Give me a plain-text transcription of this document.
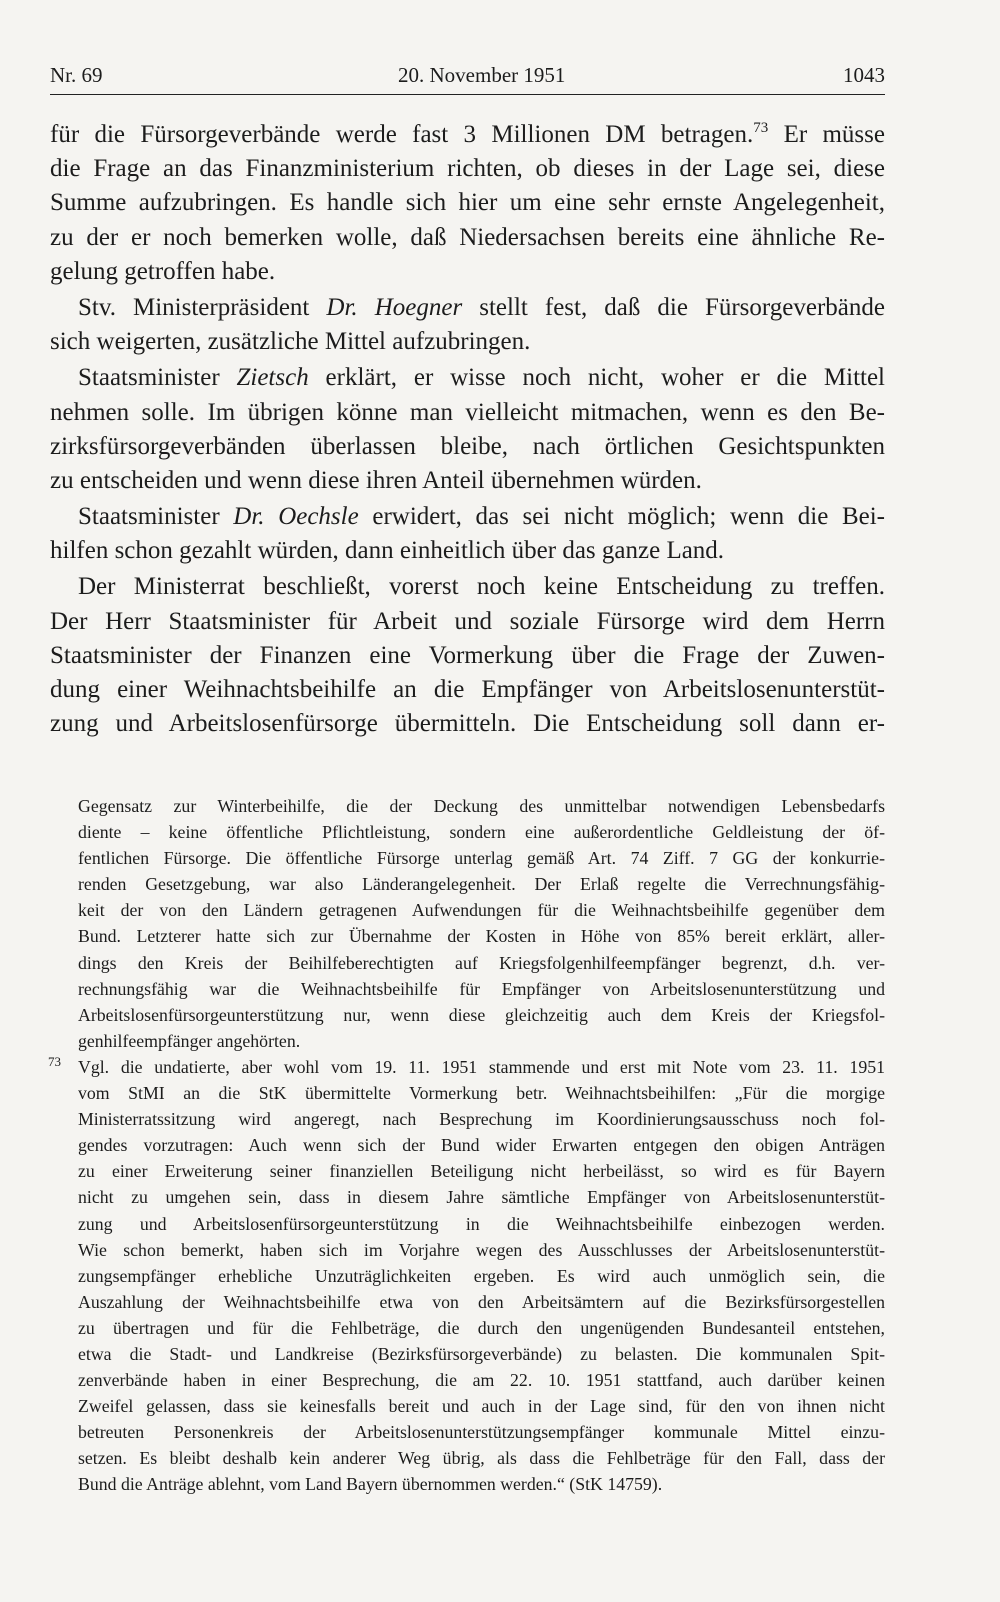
Nr. 69	20. November 1951	1043
für die Fürsorgeverbände werde fast 3 Millionen DM betragen.$^{73}$ Er müsse
die Frage an das Finanzministerium richten, ob dieses in der Lage sei, diese
Summe aufzubringen. Es handle sich hier um eine sehr ernste Angelegenheit,
zu der er noch bemerken wolle, daß Niedersachsen bereits eine ähnliche Re-
gelung getroffen habe.
Stv. Ministerpräsident Dr. Hoegner stellt fest, daß die Fürsorgeverbände
sich weigerten, zusätzliche Mittel aufzubringen.
Staatsminister Zietsch erklärt, er wisse noch nicht, woher er die Mittel
nehmen solle. Im übrigen könne man vielleicht mitmachen, wenn es den Be-
zirksfürsorgeverbänden überlassen bleibe, nach örtlichen Gesichtspunkten
zu entscheiden und wenn diese ihren Anteil übernehmen würden.
Staatsminister Dr. Oechsle erwidert, das sei nicht möglich; wenn die Bei-
hilfen schon gezahlt würden, dann einheitlich über das ganze Land.
Der Ministerrat beschließt, vorerst noch keine Entscheidung zu treffen.
Der Herr Staatsminister für Arbeit und soziale Fürsorge wird dem Herrn
Staatsminister der Finanzen eine Vormerkung über die Frage der Zuwen-
dung einer Weihnachtsbeihilfe an die Empfänger von Arbeitslosenunterstüt-
zung und Arbeitslosenfürsorge übermitteln. Die Entscheidung soll dann er-
Gegensatz zur Winterbeihilfe, die der Deckung des unmittelbar notwendigen Lebensbedarfs
diente – keine öffentliche Pflichtleistung, sondern eine außerordentliche Geldleistung der öf-
fentlichen Fürsorge. Die öffentliche Fürsorge unterlag gemäß Art. 74 Ziff. 7 GG der konkurrie-
renden Gesetzgebung, war also Länderangelegenheit. Der Erlaß regelte die Verrechnungsfähig-
keit der von den Ländern getragenen Aufwendungen für die Weihnachtsbeihilfe gegenüber dem
Bund. Letzterer hatte sich zur Übernahme der Kosten in Höhe von 85% bereit erklärt, aller-
dings den Kreis der Beihilfeberechtigten auf Kriegsfolgenhilfeempfänger begrenzt, d.h. ver-
rechnungsfähig war die Weihnachtsbeihilfe für Empfänger von Arbeitslosenunterstützung und
Arbeitslosenfürsorgeunterstützung nur, wenn diese gleichzeitig auch dem Kreis der Kriegsfol-
genhilfeempfänger angehörten.
73 Vgl. die undatierte, aber wohl vom 19. 11. 1951 stammende und erst mit Note vom 23. 11. 1951
vom StMI an die StK übermittelte Vormerkung betr. Weihnachtsbeihilfen: „Für die morgige
Ministerratssitzung wird angeregt, nach Besprechung im Koordinierungsausschuss noch fol-
gendes vorzutragen: Auch wenn sich der Bund wider Erwarten entgegen den obigen Anträgen
zu einer Erweiterung seiner finanziellen Beteiligung nicht herbeilässt, so wird es für Bayern
nicht zu umgehen sein, dass in diesem Jahre sämtliche Empfänger von Arbeitslosenunterstüt-
zung und Arbeitslosenfürsorgeunterstützung in die Weihnachtsbeihilfe einbezogen werden.
Wie schon bemerkt, haben sich im Vorjahre wegen des Ausschlusses der Arbeitslosenunterstüt-
zungsempfänger erhebliche Unzuträglichkeiten ergeben. Es wird auch unmöglich sein, die
Auszahlung der Weihnachtsbeihilfe etwa von den Arbeitsämtern auf die Bezirksfürsorgestellen
zu übertragen und für die Fehlbeträge, die durch den ungenügenden Bundesanteil entstehen,
etwa die Stadt- und Landkreise (Bezirksfürsorgeverbände) zu belasten. Die kommunalen Spit-
zenverbände haben in einer Besprechung, die am 22. 10. 1951 stattfand, auch darüber keinen
Zweifel gelassen, dass sie keinesfalls bereit und auch in der Lage sind, für den von ihnen nicht
betreuten Personenkreis der Arbeitslosenunterstützungsempfänger kommunale Mittel einzu-
setzen. Es bleibt deshalb kein anderer Weg übrig, als dass die Fehlbeträge für den Fall, dass der
Bund die Anträge ablehnt, vom Land Bayern übernommen werden.“ (StK 14759).
